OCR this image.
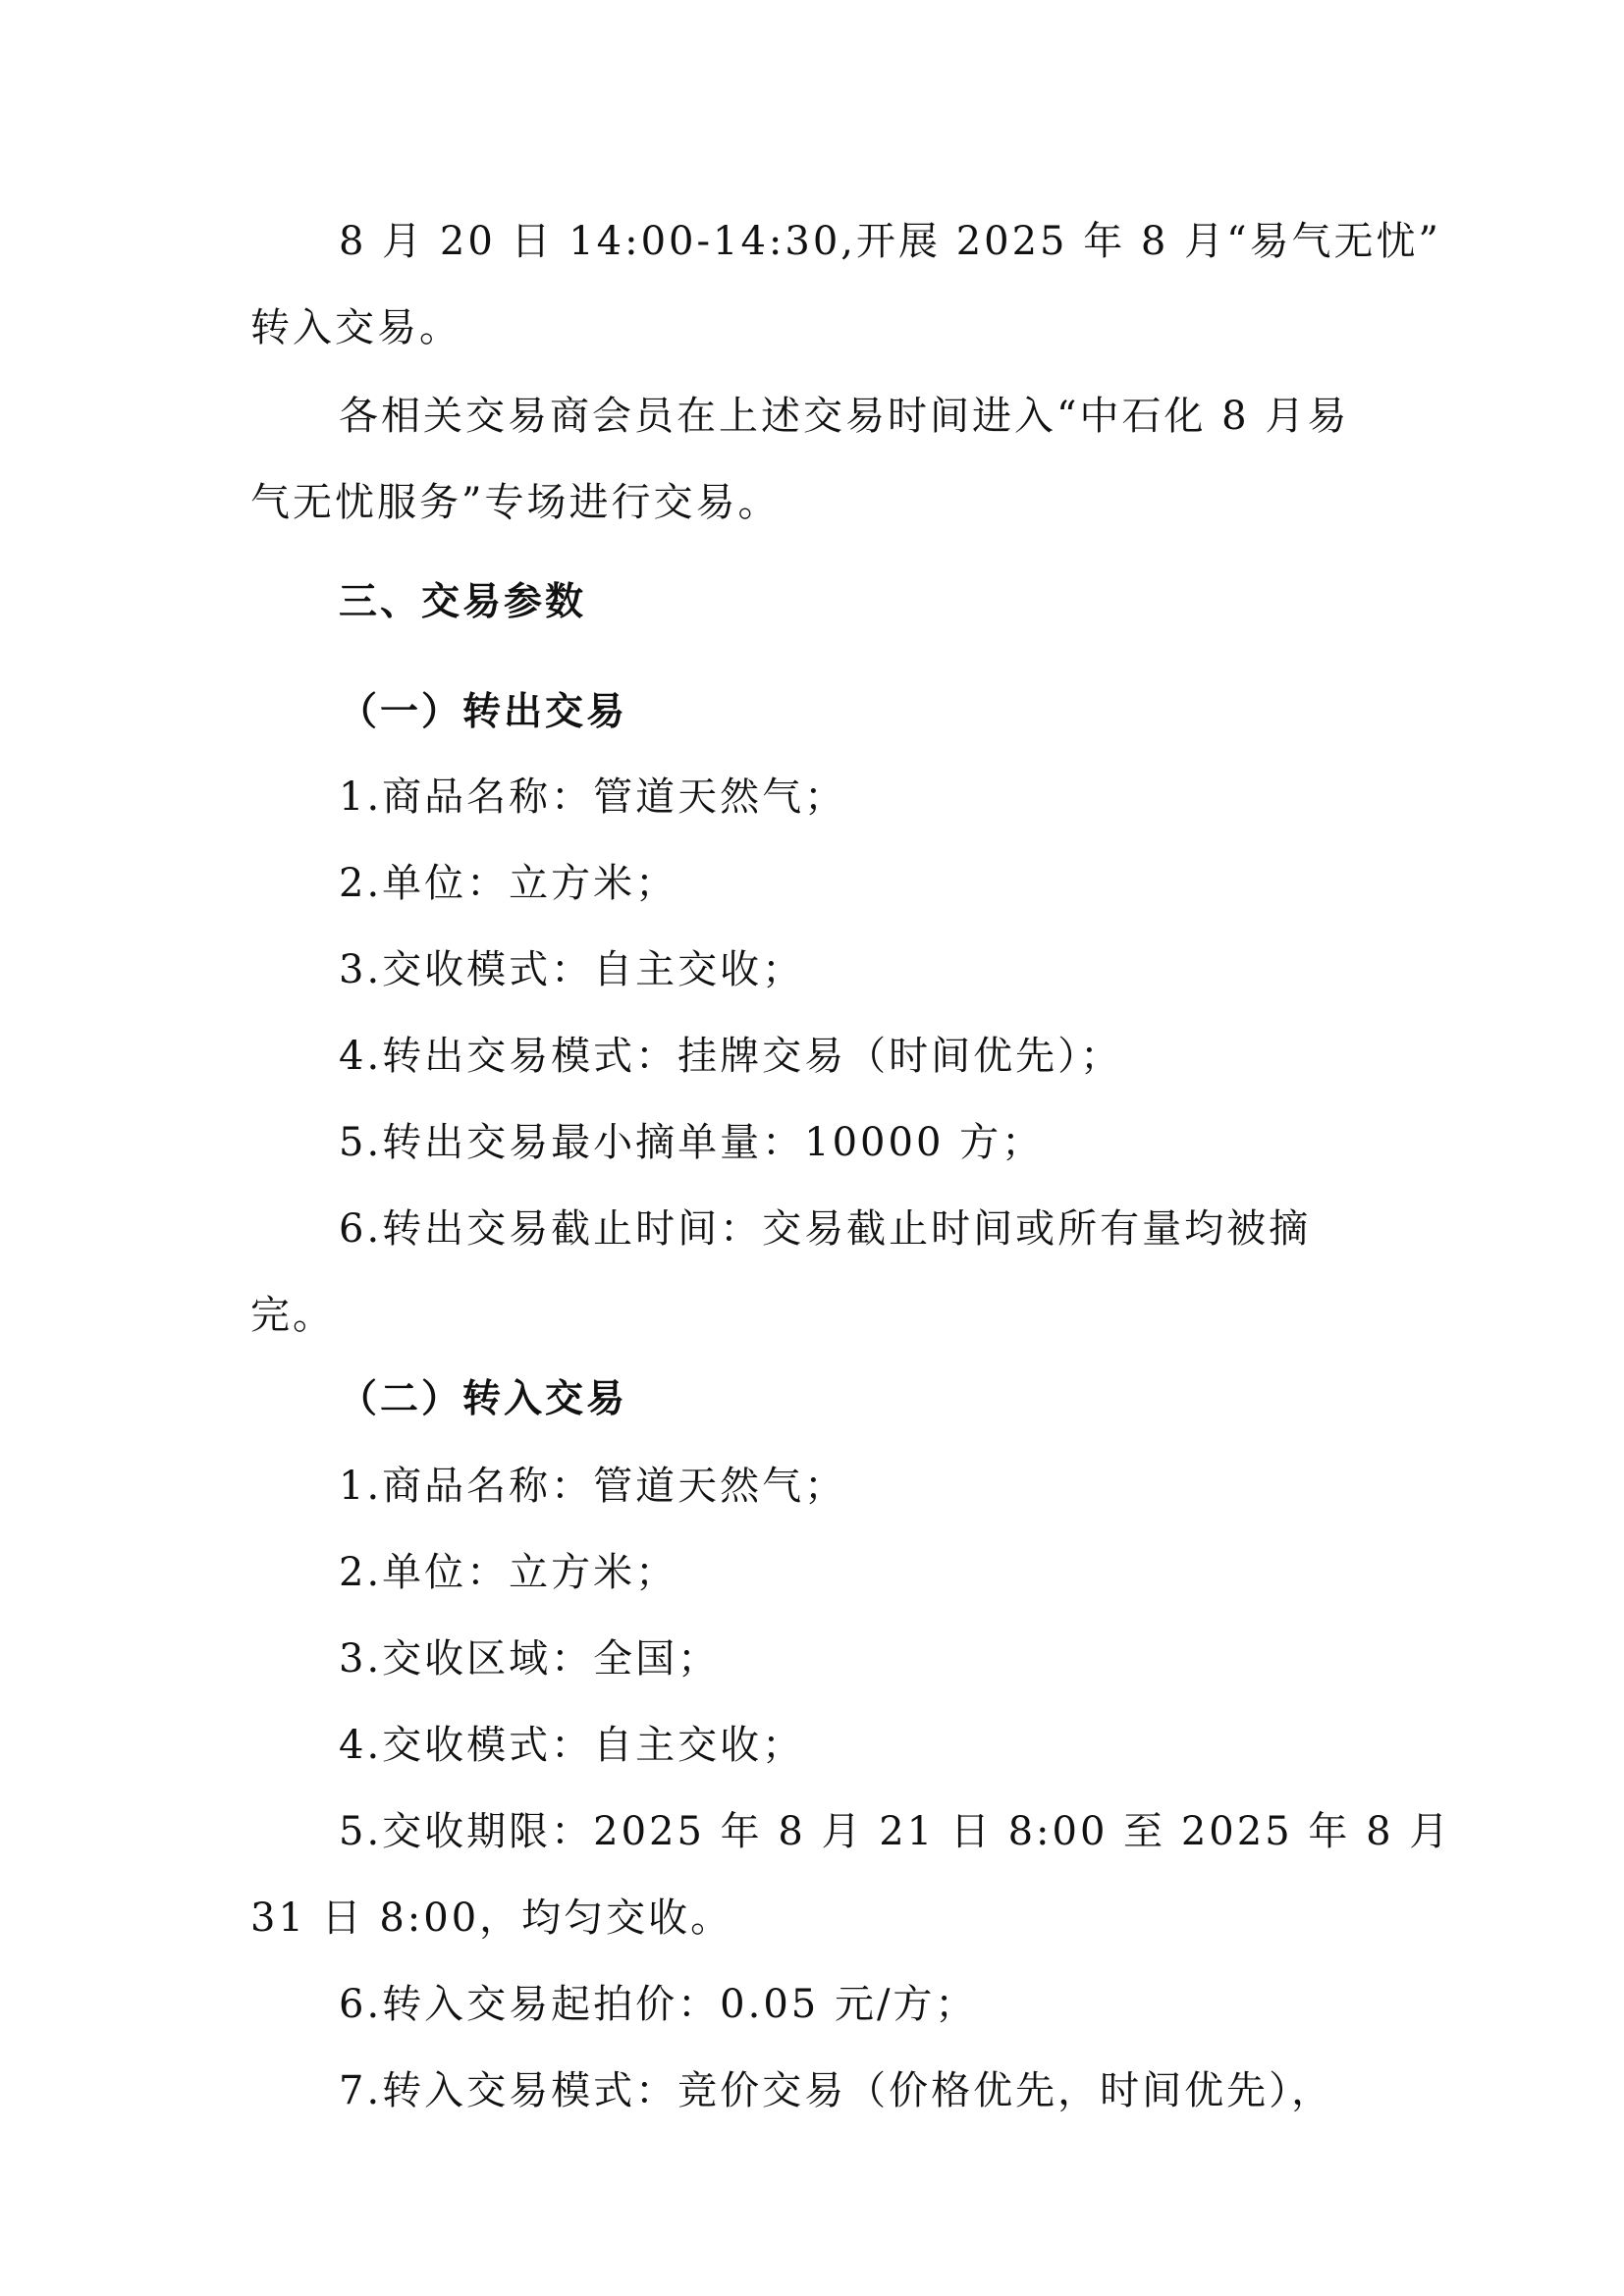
8 月 20 日 14:00-14:30,开展 2025 年 8 月“易气无忧”
转入交易。
各相关交易商会员在上述交易时间进入“中石化 8 月易
气无忧服务”专场进行交易。
三、交易参数
（一）转出交易
1.商品名称：管道天然气；
2.单位：立方米；
3.交收模式：自主交收；
4.转出交易模式：挂牌交易（时间优先）；
5.转出交易最小摘单量：10000 方；
6.转出交易截止时间：交易截止时间或所有量均被摘
完。
（二）转入交易
1.商品名称：管道天然气；
2.单位：立方米；
3.交收区域：全国；
4.交收模式：自主交收；
5.交收期限：2025 年 8 月 21 日 8:00 至 2025 年 8 月
31 日 8:00，均匀交收。
6.转入交易起拍价：0.05 元/方；
7.转入交易模式：竞价交易（价格优先，时间优先），
